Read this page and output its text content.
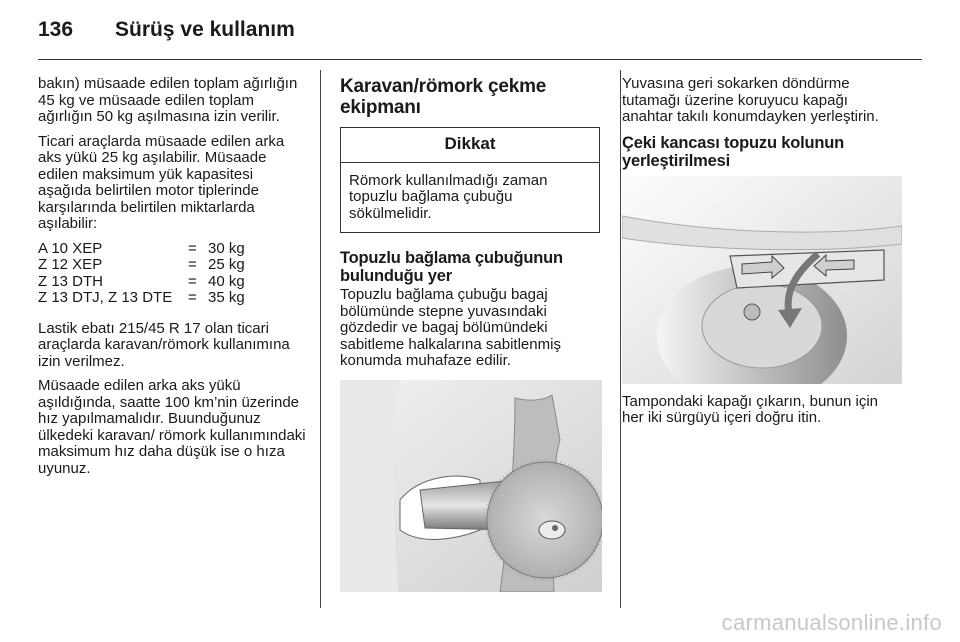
136 Sürüş ve kullanım

bakın) müsaade edilen toplam ağırlığın 45 kg ve müsaade edilen toplam ağırlığın 50 kg aşılmasına izin verilir.

Ticari araçlarda müsaade edilen arka aks yükü 25 kg aşılabilir. Müsaade edilen maksimum yük kapasitesi aşağıda belirtilen motor tiplerinde karşılarında belirtilen miktarlarda aşılabilir:

A 10 XEP	= 30 kg
Z 12 XEP	= 25 kg
Z 13 DTH	= 40 kg
Z 13 DTJ, Z 13 DTE	= 35 kg

Lastik ebatı 215/45 R 17 olan ticari araçlarda karavan/römork kullanımına izin verilmez.

Müsaade edilen arka aks yükü aşıldığında, saatte 100 km’nin üzerinde hız yapılmamalıdır. Buunduğunuz ülkedeki karavan/ römork kullanımındaki maksimum hız daha düşük ise o hıza uyunuz.

Karavan/römork çekme ekipmanı
Dikkat
Römork kullanılmadığı zaman topuzlu bağlama çubuğu sökülmelidir.
Topuzlu bağlama çubuğunun bulunduğu yer

Topuzlu bağlama çubuğu bagaj bölümünde stepne yuvasındaki gözdedir ve bagaj bölümündeki sabitleme halkalarına sabitlenmiş konumda muhafaze edilir.

Yuvasına geri sokarken döndürme tutamağı üzerine koruyucu kapağı anahtar takılı konumdayken yerleştirin.

Çeki kancası topuzu kolunun yerleştirilmesi

Tampondaki kapağı çıkarın, bunun için her iki sürgüyü içeri doğru itin.

carmanualsonline.info
